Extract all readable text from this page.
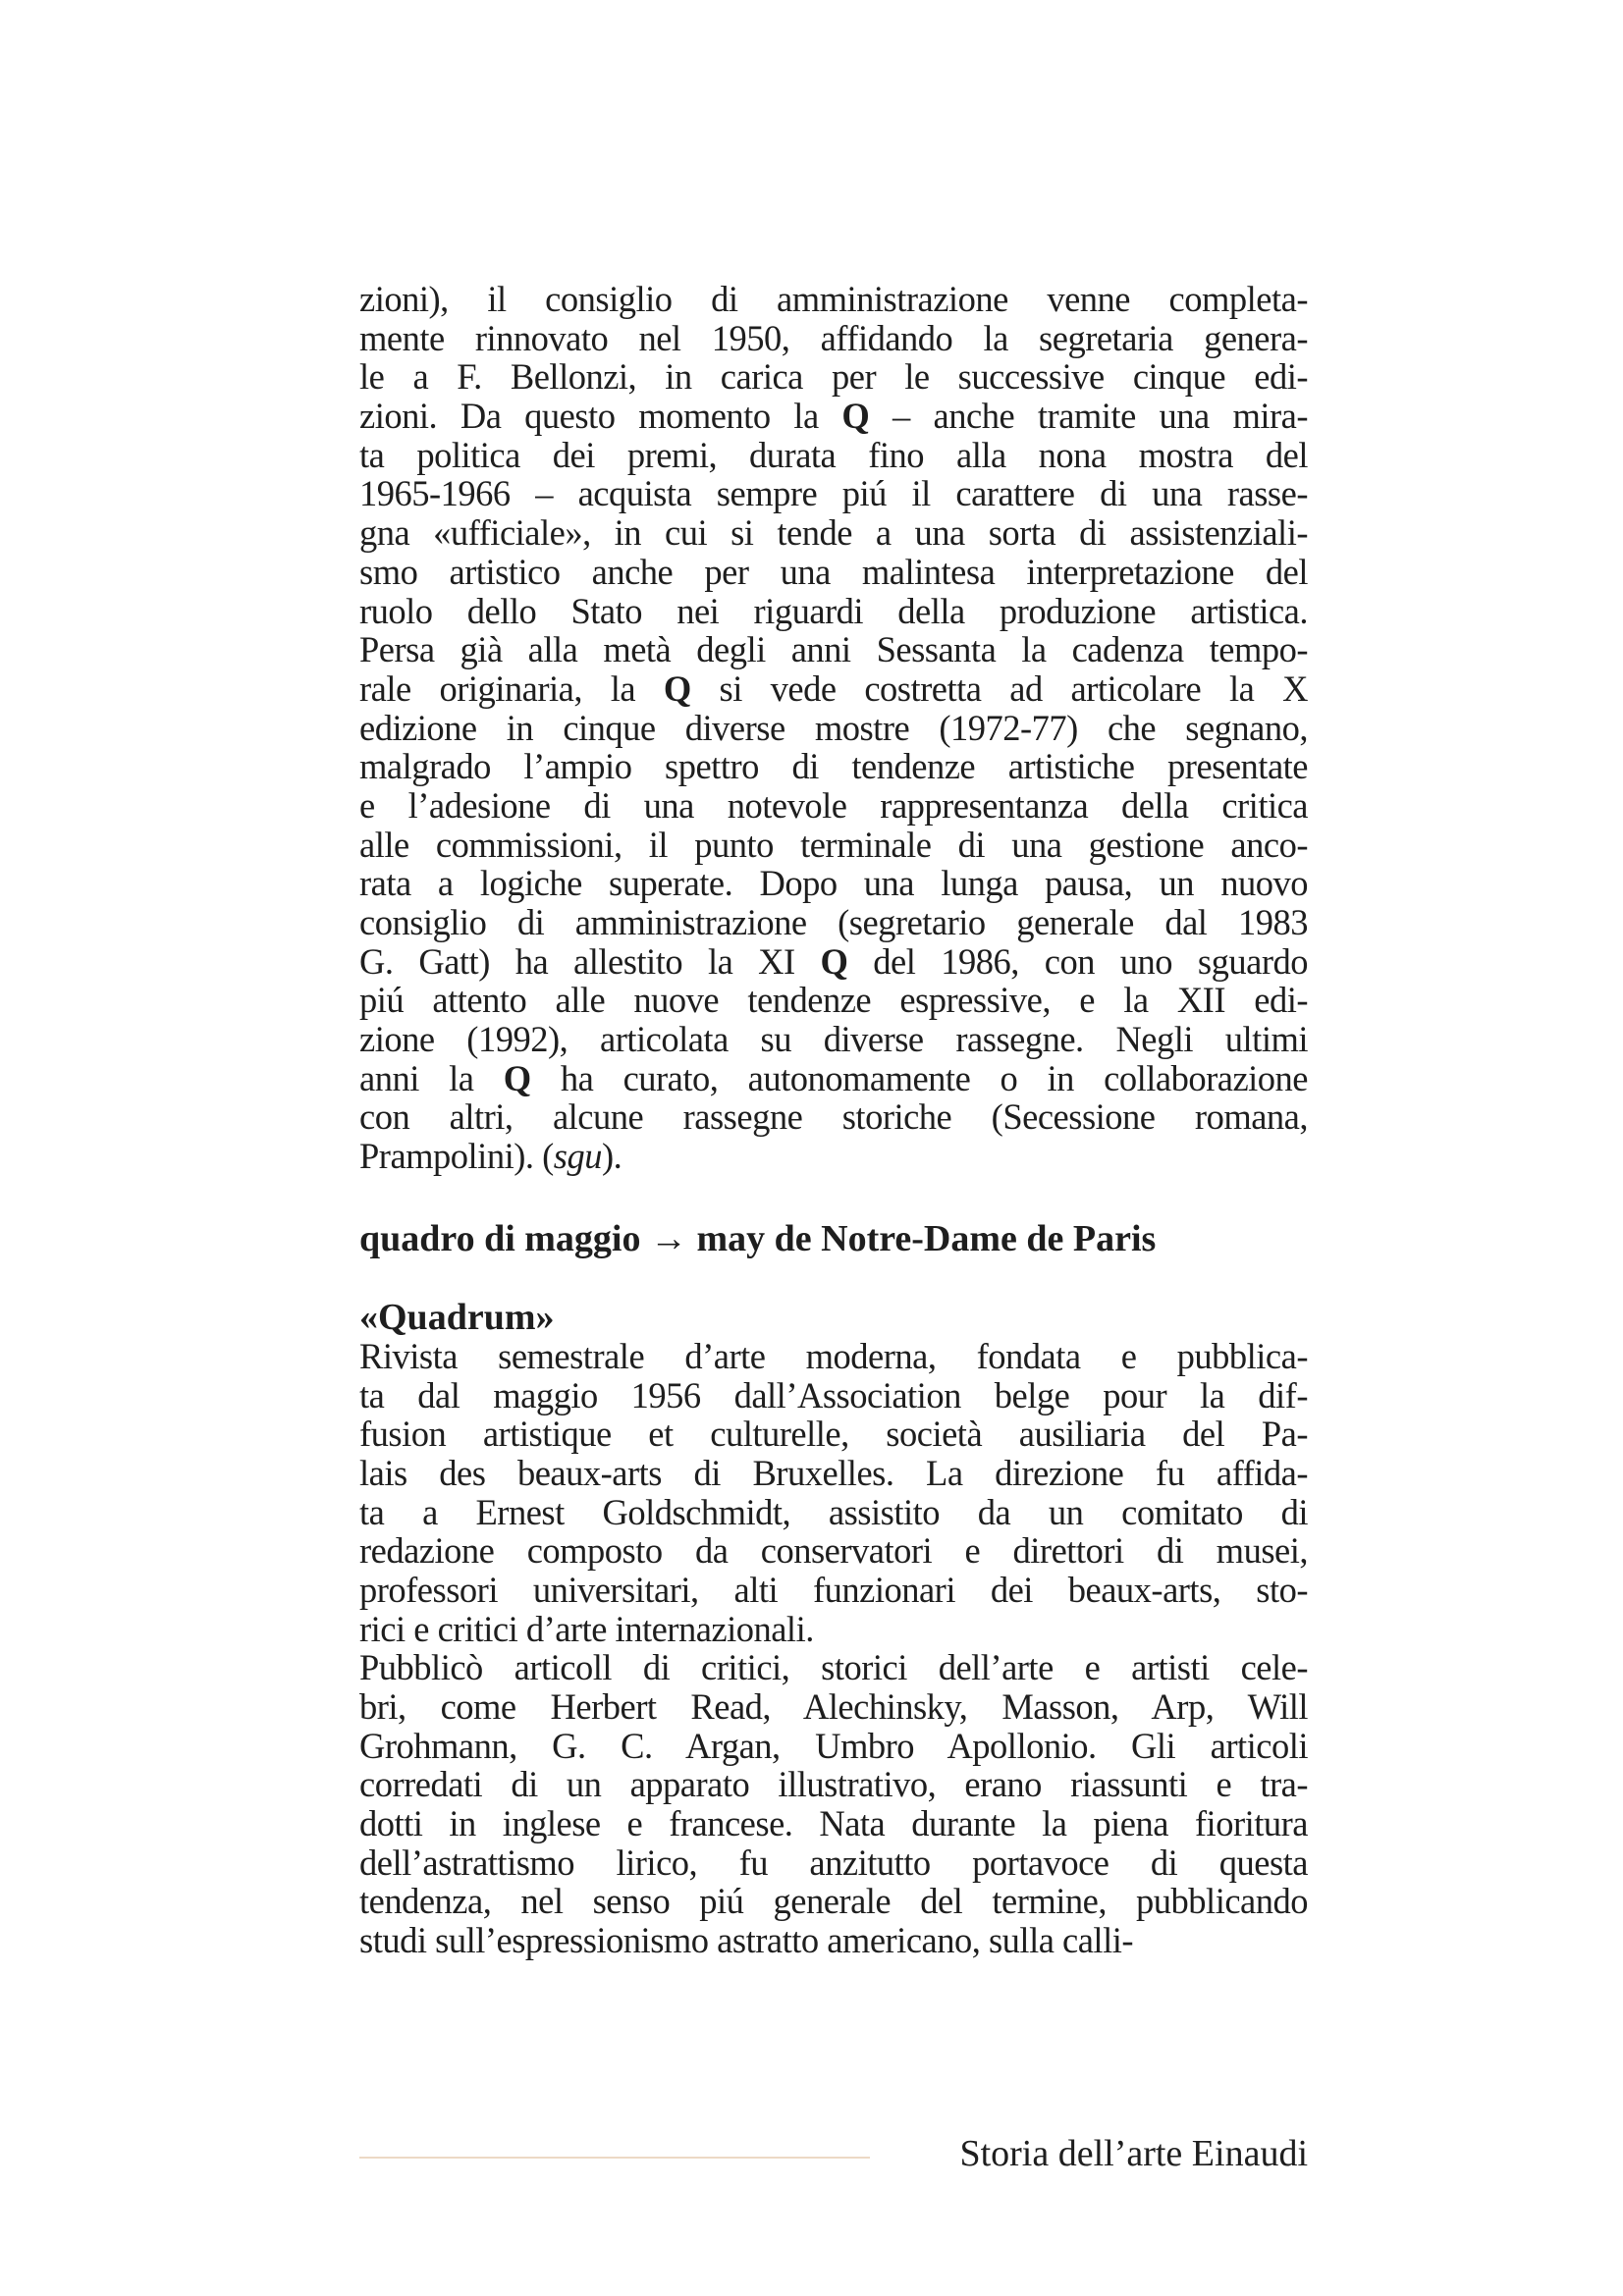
zioni), il consiglio di amministrazione venne completa-
mente rinnovato nel 1950, affidando la segretaria genera-
le a F. Bellonzi, in carica per le successive cinque edi-
zioni. Da questo momento la Q – anche tramite una mira-
ta politica dei premi, durata fino alla nona mostra del
1965-1966 – acquista sempre piú il carattere di una rasse-
gna «ufficiale», in cui si tende a una sorta di assistenziali-
smo artistico anche per una malintesa interpretazione del
ruolo dello Stato nei riguardi della produzione artistica.
Persa già alla metà degli anni Sessanta la cadenza tempo-
rale originaria, la Q si vede costretta ad articolare la X
edizione in cinque diverse mostre (1972-77) che segnano,
malgrado l’ampio spettro di tendenze artistiche presentate
e l’adesione di una notevole rappresentanza della critica
alle commissioni, il punto terminale di una gestione anco-
rata a logiche superate. Dopo una lunga pausa, un nuovo
consiglio di amministrazione (segretario generale dal 1983
G. Gatt) ha allestito la XI Q del 1986, con uno sguardo
piú attento alle nuove tendenze espressive, e la XII edi-
zione (1992), articolata su diverse rassegne. Negli ultimi
anni la Q ha curato, autonomamente o in collaborazione
con altri, alcune rassegne storiche (Secessione romana,
Prampolini). (sgu).
quadro di maggio → may de Notre-Dame de Paris
«Quadrum»
Rivista semestrale d’arte moderna, fondata e pubblica-
ta dal maggio 1956 dall’Association belge pour la dif-
fusion artistique et culturelle, società ausiliaria del Pa-
lais des beaux-arts di Bruxelles. La direzione fu affida-
ta a Ernest Goldschmidt, assistito da un comitato di
redazione composto da conservatori e direttori di musei,
professori universitari, alti funzionari dei beaux-arts, sto-
rici e critici d’arte internazionali.
Pubblicò articoll di critici, storici dell’arte e artisti cele-
bri, come Herbert Read, Alechinsky, Masson, Arp, Will
Grohmann, G. C. Argan, Umbro Apollonio. Gli articoli
corredati di un apparato illustrativo, erano riassunti e tra-
dotti in inglese e francese. Nata durante la piena fioritura
dell’astrattismo lirico, fu anzitutto portavoce di questa
tendenza, nel senso piú generale del termine, pubblicando
studi sull’espressionismo astratto americano, sulla calli-
Storia dell’arte Einaudi
